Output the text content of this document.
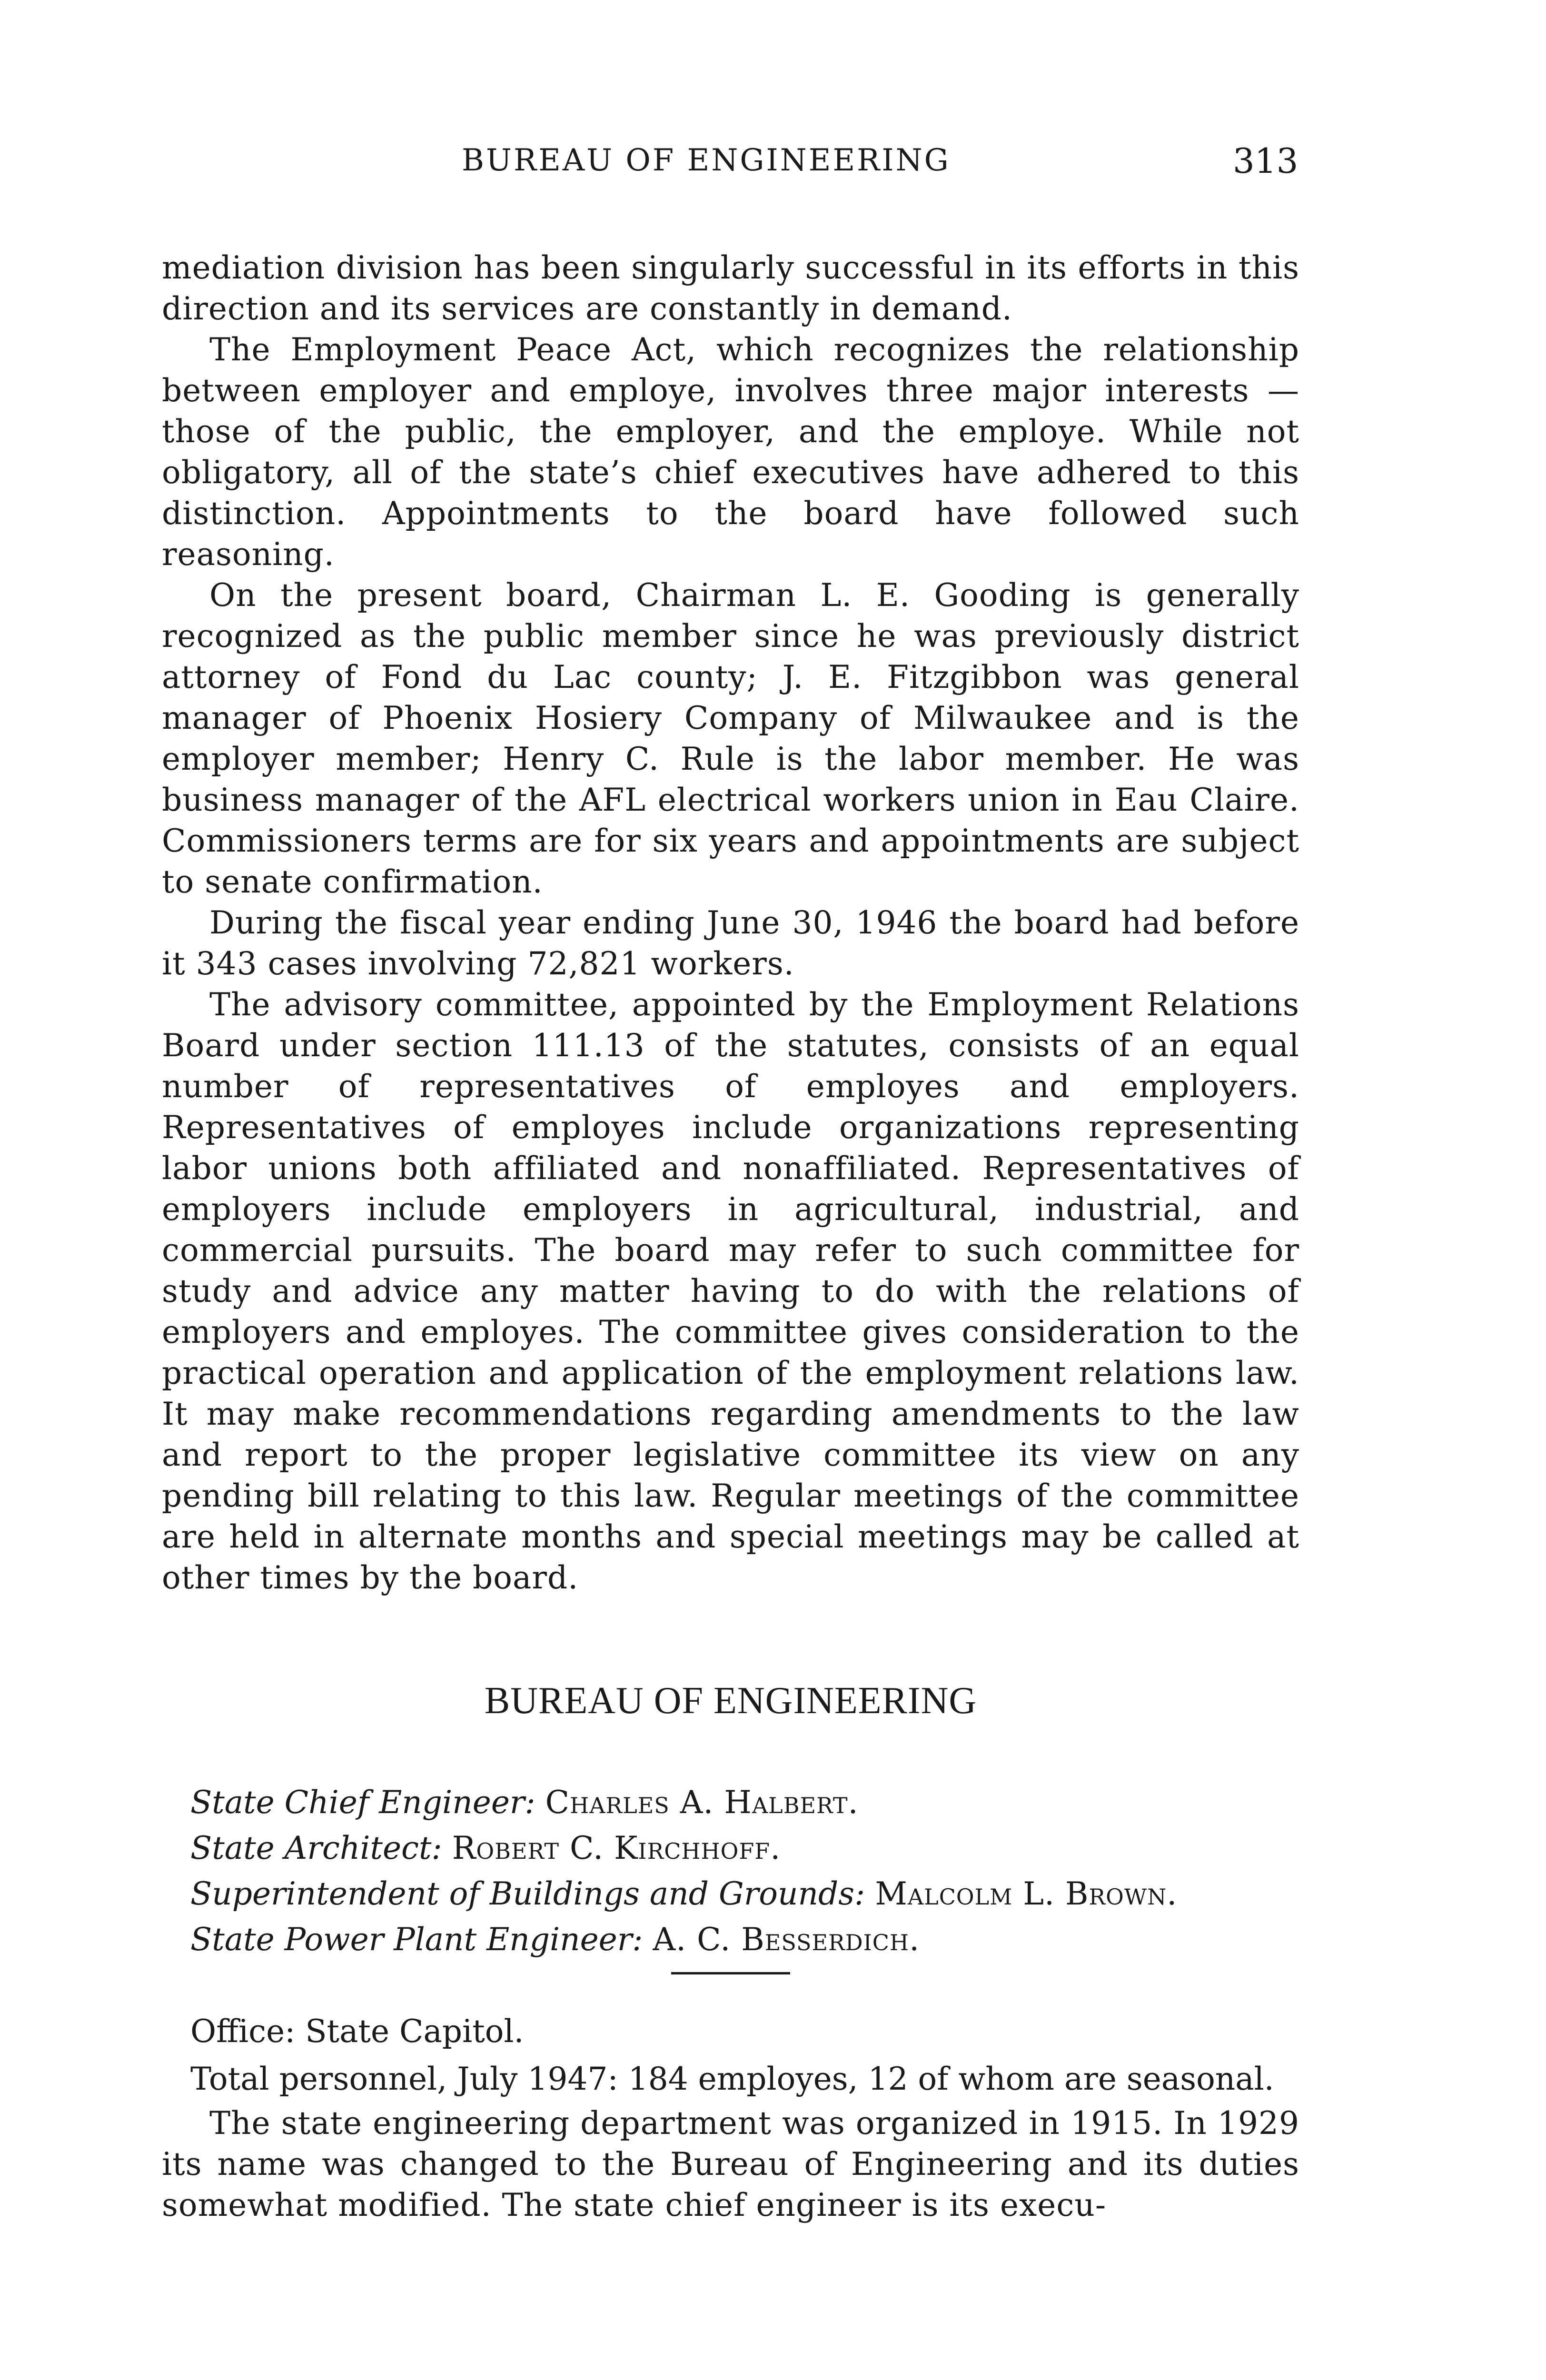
BUREAU OF ENGINEERING	313

mediation division has been singularly successful in its efforts in this direction and its services are constantly in demand.

The Employment Peace Act, which recognizes the relationship between employer and employe, involves three major interests — those of the public, the employer, and the employe. While not obligatory, all of the state’s chief executives have adhered to this distinction. Appointments to the board have followed such reasoning.

On the present board, Chairman L. E. Gooding is generally recognized as the public member since he was previously district attorney of Fond du Lac county; J. E. Fitzgibbon was general manager of Phoenix Hosiery Company of Milwaukee and is the employer member; Henry C. Rule is the labor member. He was business manager of the AFL electrical workers union in Eau Claire. Commissioners terms are for six years and appointments are subject to senate confirmation.

During the fiscal year ending June 30, 1946 the board had before it 343 cases involving 72,821 workers.

The advisory committee, appointed by the Employment Relations Board under section 111.13 of the statutes, consists of an equal number of representatives of employes and employers. Representatives of employes include organizations representing labor unions both affiliated and nonaffiliated. Representatives of employers include employers in agricultural, industrial, and commercial pursuits. The board may refer to such committee for study and advice any matter having to do with the relations of employers and employes. The committee gives consideration to the practical operation and application of the employment relations law. It may make recommendations regarding amendments to the law and report to the proper legislative committee its view on any pending bill relating to this law. Regular meetings of the committee are held in alternate months and special meetings may be called at other times by the board.

BUREAU OF ENGINEERING

State Chief Engineer: Charles A. Halbert.

State Architect: Robert C. Kirchhoff.

Superintendent of Buildings and Grounds: Malcolm L. Brown.

State Power Plant Engineer: A. C. Besserdich.

Office: State Capitol.

Total personnel, July 1947: 184 employes, 12 of whom are seasonal.

The state engineering department was organized in 1915. In 1929 its name was changed to the Bureau of Engineering and its duties somewhat modified. The state chief engineer is its execu-
